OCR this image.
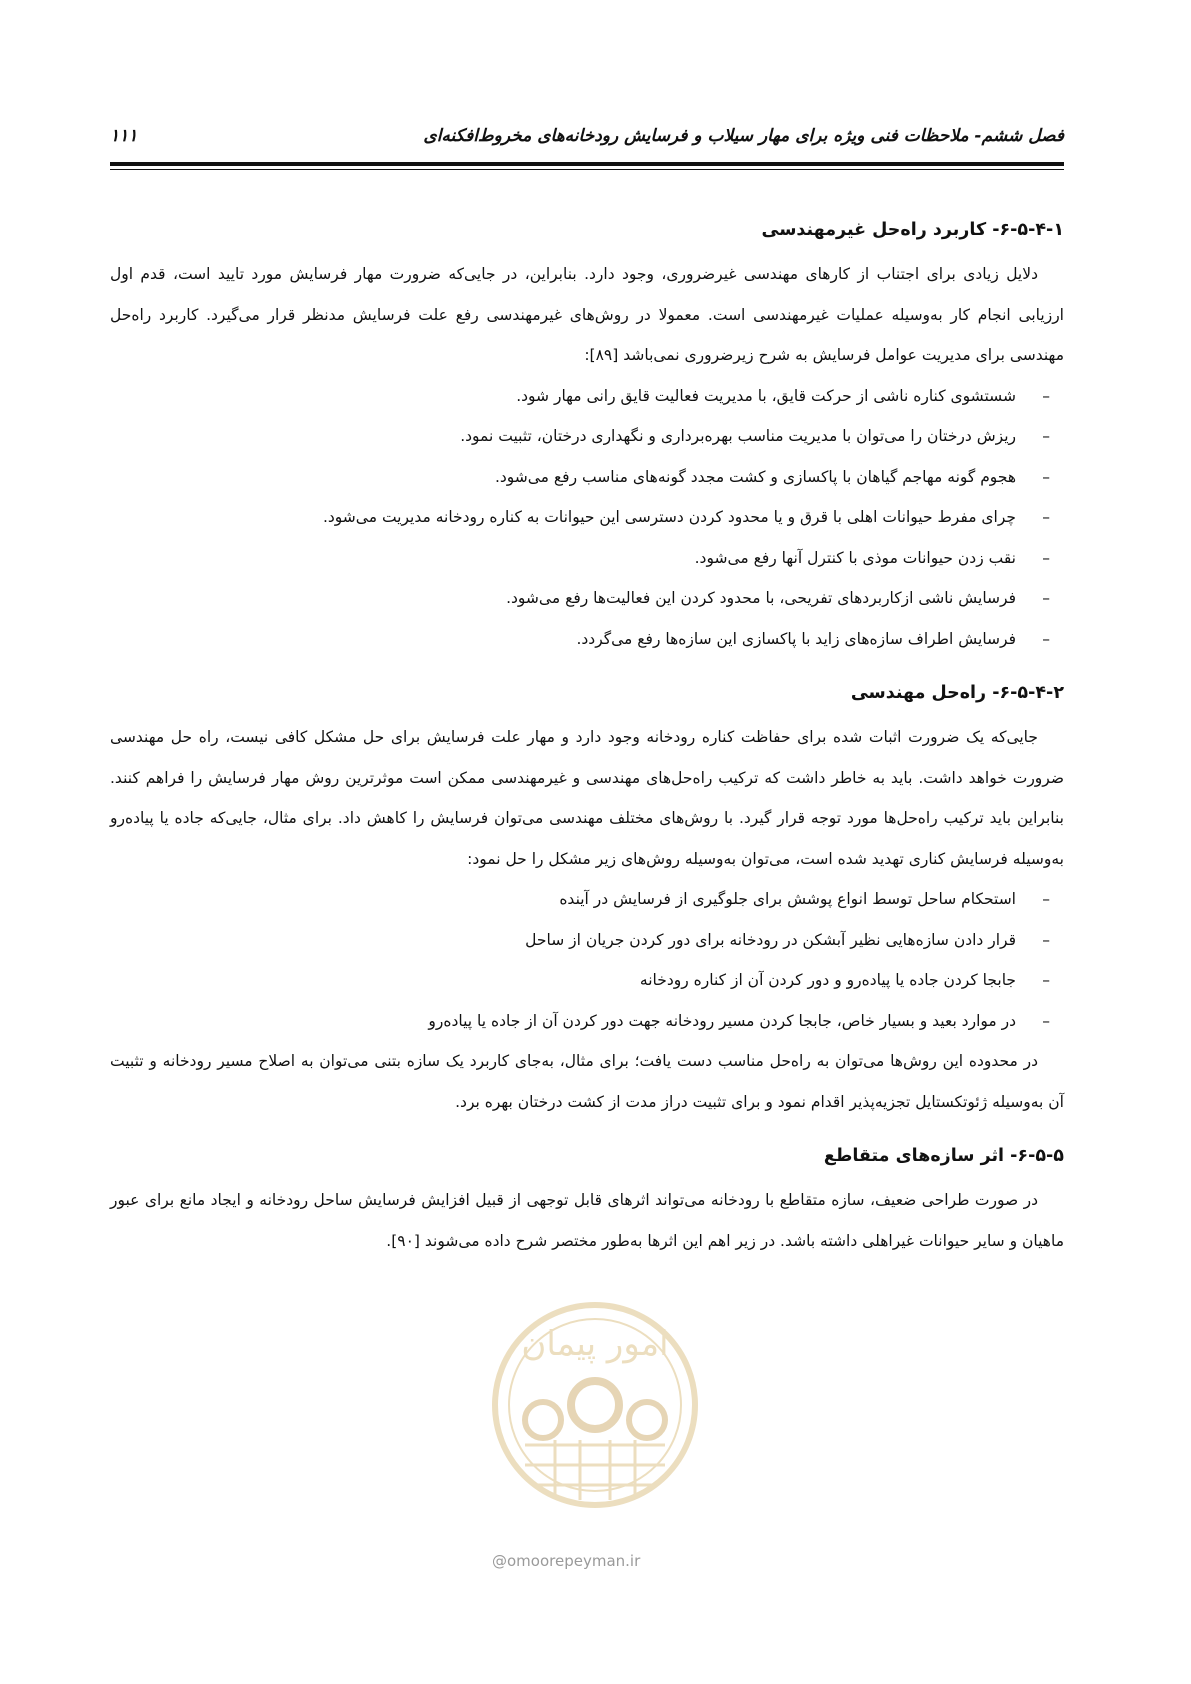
فصل ششم- ملاحظات فنی ویژه برای مهار سیلاب و فرسایش رودخانه‌های مخروط‌افکنه‌ای
۱۱۱
۶-۵-۴-۱- کاربرد راه‌حل غیرمهندسی

دلایل زیادی برای اجتناب از کارهای مهندسی غیرضروری، وجود دارد. بنابراین، در جایی‌که ضرورت مهار فرسایش مورد تایید است، قدم اول ارزیابی انجام کار به‌وسیله عملیات غیرمهندسی است. معمولا در روش‌های غیرمهندسی رفع علت فرسایش مدنظر قرار می‌گیرد. کاربرد راه‌حل مهندسی برای مدیریت عوامل فرسایش به شرح زیرضروری نمی‌باشد [۸۹]:

–شستشوی کناره ناشی از حرکت قایق، با مدیریت فعالیت قایق رانی مهار شود.
–ریزش درختان را می‌توان با مدیریت مناسب بهره‌برداری و نگهداری درختان، تثبیت نمود.
–هجوم گونه مهاجم گیاهان با پاکسازی و کشت مجدد گونه‌های مناسب رفع می‌شود.
–چرای مفرط حیوانات اهلی با قرق و یا محدود کردن دسترسی این حیوانات به کناره رودخانه مدیریت می‌شود.
–نقب زدن حیوانات موذی با کنترل آنها رفع می‌شود.
–فرسایش ناشی ازکاربردهای تفریحی، با محدود کردن این فعالیت‌ها رفع می‌شود.
–فرسایش اطراف سازه‌های زاید با پاکسازی این سازه‌ها رفع می‌گردد.
۶-۵-۴-۲- راه‌حل مهندسی

جایی‌که یک ضرورت اثبات شده برای حفاظت کناره رودخانه وجود دارد و مهار علت فرسایش برای حل مشکل کافی نیست، راه حل مهندسی ضرورت خواهد داشت. باید به خاطر داشت که ترکیب راه‌حل‌های مهندسی و غیرمهندسی ممکن است موثرترین روش مهار فرسایش را فراهم کنند. بنابراین باید ترکیب راه‌حل‌ها مورد توجه قرار گیرد. با روش‌های مختلف مهندسی می‌توان فرسایش را کاهش داد. برای مثال، جایی‌که جاده یا پیاده‌رو به‌وسیله فرسایش کناری تهدید شده است، می‌توان به‌وسیله روش‌های زیر مشکل را حل نمود:

–استحکام ساحل توسط انواع پوشش برای جلوگیری از فرسایش در آینده
–قرار دادن سازه‌هایی نظیر آبشکن در رودخانه برای دور کردن جریان از ساحل
–جابجا کردن جاده یا پیاده‌رو و دور کردن آن از کناره رودخانه
–در موارد بعید و بسیار خاص، جابجا کردن مسیر رودخانه جهت دور کردن آن از جاده یا پیاده‌رو

در محدوده این روش‌ها می‌توان به راه‌حل مناسب دست یافت؛ برای مثال، به‌جای کاربرد یک سازه بتنی می‌توان به اصلاح مسیر رودخانه و تثبیت آن به‌وسیله ژئوتکستایل تجزیه‌پذیر اقدام نمود و برای تثبیت دراز مدت از کشت درختان بهره برد.

۶-۵-۵- اثر سازه‌های متقاطع

در صورت طراحی ضعیف، سازه متقاطع با رودخانه می‌تواند اثرهای قابل توجهی از قبیل افزایش فرسایش ساحل رودخانه و ایجاد مانع برای عبور ماهیان و سایر حیوانات غیراهلی داشته باشد. در زیر اهم این اثرها به‌طور مختصر شرح داده می‌شوند [۹۰].

امور پیمان
@omoorepeyman.ir
